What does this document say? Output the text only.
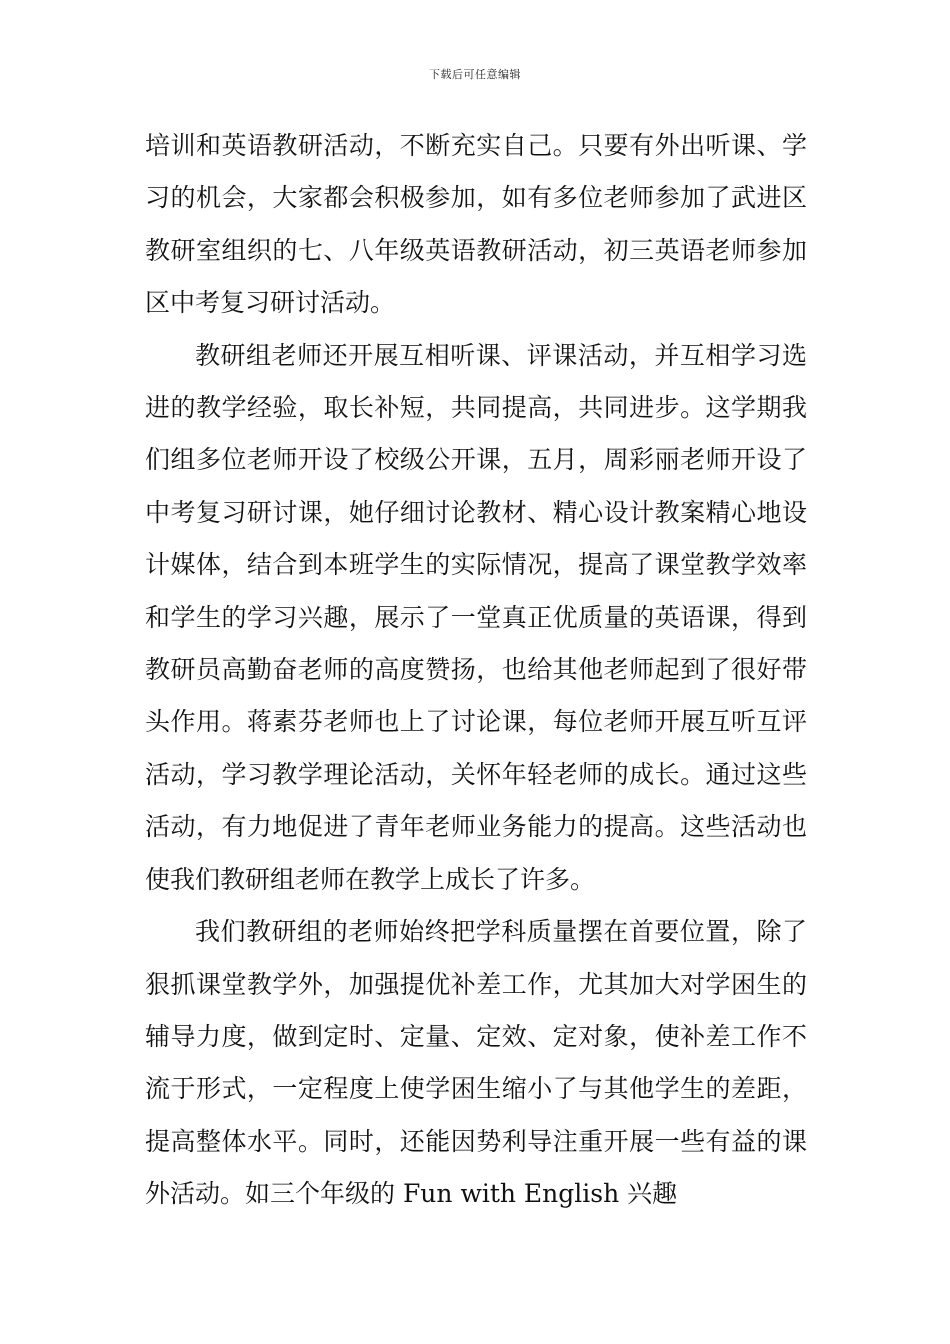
下载后可任意编辑

培训和英语教研活动，不断充实自己。只要有外出听课、学习的机会，大家都会积极参加，如有多位老师参加了武进区教研室组织的七、八年级英语教研活动，初三英语老师参加区中考复习研讨活动。

教研组老师还开展互相听课、评课活动，并互相学习选进的教学经验，取长补短，共同提高，共同进步。这学期我们组多位老师开设了校级公开课，五月，周彩丽老师开设了中考复习研讨课，她仔细讨论教材、精心设计教案精心地设计媒体，结合到本班学生的实际情况，提高了课堂教学效率和学生的学习兴趣，展示了一堂真正优质量的英语课，得到教研员高勤奋老师的高度赞扬，也给其他老师起到了很好带头作用。蒋素芬老师也上了讨论课，每位老师开展互听互评活动，学习教学理论活动，关怀年轻老师的成长。通过这些活动，有力地促进了青年老师业务能力的提高。这些活动也使我们教研组老师在教学上成长了许多。

我们教研组的老师始终把学科质量摆在首要位置，除了狠抓课堂教学外，加强提优补差工作，尤其加大对学困生的辅导力度，做到定时、定量、定效、定对象，使补差工作不流于形式，一定程度上使学困生缩小了与其他学生的差距，提高整体水平。同时，还能因势利导注重开展一些有益的课外活动。如三个年级的 Fun with English 兴趣
